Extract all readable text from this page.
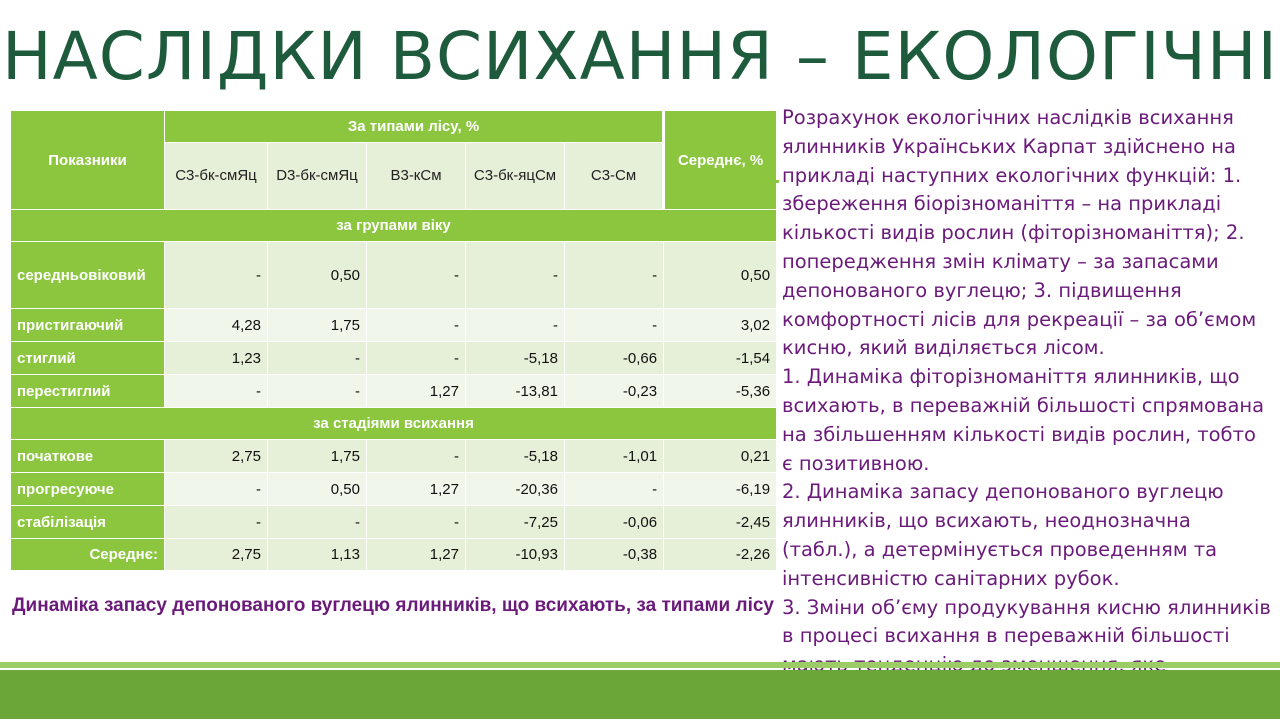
НАСЛІДКИ ВСИХАННЯ – ЕКОЛОГІЧНІ
Показники	За типами лісу, %					Середнє, %
	С3-бк-смЯц	D3-бк-смЯц	В3-кСм	С3-бк-яцСм	С3-См	
за групами віку						
середньовіковий	-	0,50	-	-	-	0,50
пристигаючий	4,28	1,75	-	-	-	3,02
стиглий	1,23	-	-	-5,18	-0,66	-1,54
перестиглий	-	-	1,27	-13,81	-0,23	-5,36
за стадіями всихання						
початкове	2,75	1,75	-	-5,18	-1,01	0,21
прогресуюче	-	0,50	1,27	-20,36	-	-6,19
стабілізація	-	-	-	-7,25	-0,06	-2,45
Середнє:	2,75	1,13	1,27	-10,93	-0,38	-2,26
Динаміка запасу депонованого вуглецю ялинників, що всихають, за типами лісу

Розрахунок екологічних наслідків всихання ялинників Українських Карпат здійснено на прикладі наступних екологічних функцій: 1. збереження біорізноманіття – на прикладі кількості видів рослин (фіторізноманіття); 2. попередження змін клімату – за запасами депонованого вуглецю; 3. підвищення комфортності лісів для рекреації – за об’ємом кисню, який виділяється лісом.

1. Динаміка фіторізноманіття ялинників, що всихають, в переважній більшості спрямована на збільшенням кількості видів рослин, тобто є позитивною.

2. Динаміка запасу депонованого вуглецю ялинників, що всихають, неоднозначна (табл.), а детермінується проведенням та інтенсивністю санітарних рубок.

3. Зміни об’єму продукування кисню ялинників в процесі всихання в переважній більшості
